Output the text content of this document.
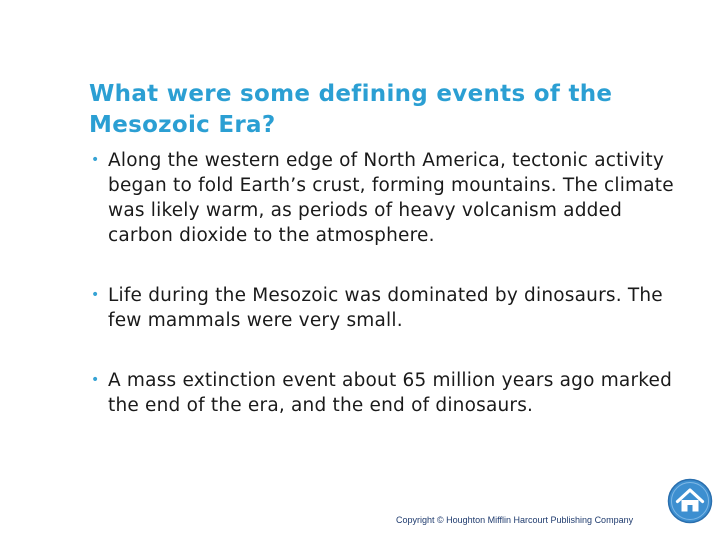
What were some defining events of the Mesozoic Era?
• Along the western edge of North America, tectonic activity began to fold Earth’s crust, forming mountains. The climate was likely warm, as periods of heavy volcanism added carbon dioxide to the atmosphere.
• Life during the Mesozoic was dominated by dinosaurs. The few mammals were very small.
• A mass extinction event about 65 million years ago marked the end of the era, and the end of dinosaurs.
Copyright © Houghton Mifflin Harcourt Publishing Company
